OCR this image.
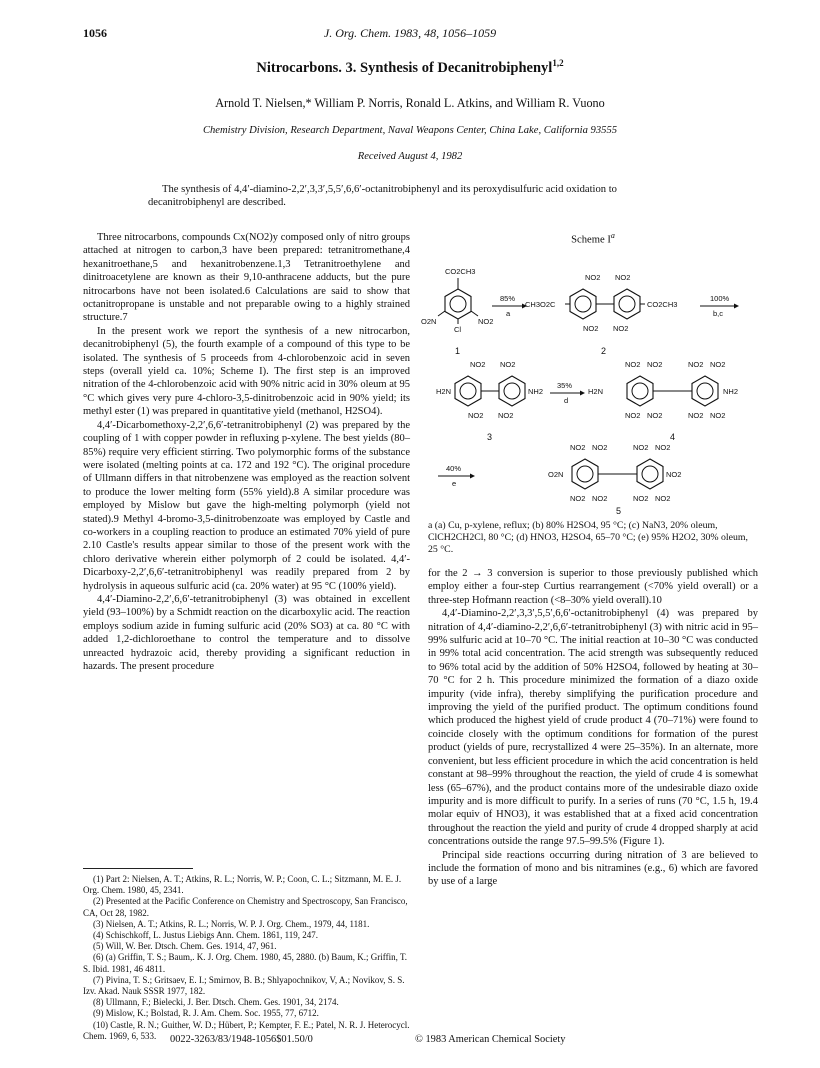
1056	J. Org. Chem. 1983, 48, 1056–1059
Nitrocarbons. 3. Synthesis of Decanitrobiphenyl$^{1,2}$
Arnold T. Nielsen,* William P. Norris, Ronald L. Atkins, and William R. Vuono
Chemistry Division, Research Department, Naval Weapons Center, China Lake, California 93555
Received August 4, 1982
The synthesis of 4,4′-diamino-2,2′,3,3′,5,5′,6,6′-octanitrobiphenyl and its peroxydisulfuric acid oxidation to decanitrobiphenyl are described.

Three nitrocarbons, compounds Cx(NO2)y composed only of nitro groups attached at nitrogen to carbon,3 have been prepared: tetranitromethane,4 hexanitroethane,5 and hexanitrobenzene.1,3 Tetranitroethylene and dinitroacetylene are known as their 9,10-anthracene adducts, but the pure nitrocarbons have not been isolated.6 Calculations are said to show that octanitropropane is unstable and not preparable owing to a highly strained structure.7

In the present work we report the synthesis of a new nitrocarbon, decanitrobiphenyl (5), the fourth example of a compound of this type to be isolated. The synthesis of 5 proceeds from 4-chlorobenzoic acid in seven steps (overall yield ca. 10%; Scheme I). The first step is an improved nitration of the 4-chlorobenzoic acid with 90% nitric acid in 30% oleum at 95 °C which gives very pure 4-chloro-3,5-dinitrobenzoic acid in 90% yield; its methyl ester (1) was prepared in quantitative yield (methanol, H2SO4).

4,4′-Dicarbomethoxy-2,2′,6,6′-tetranitrobiphenyl (2) was prepared by the coupling of 1 with copper powder in refluxing p-xylene. The best yields (80–85%) require very efficient stirring. Two polymorphic forms of the substance were isolated (melting points at ca. 172 and 192 °C). The original procedure of Ullmann differs in that nitrobenzene was employed as the reaction solvent to produce the lower melting form (55% yield).8 A similar procedure was employed by Mislow but gave the high-melting polymorph (yield not stated).9 Methyl 4-bromo-3,5-dinitrobenzoate was employed by Castle and co-workers in a coupling reaction to produce an estimated 70% yield of pure 2.10 Castle's results appear similar to those of the present work with the chloro derivative wherein either polymorph of 2 could be isolated. 4,4′-Dicarboxy-2,2′,6,6′-tetranitrobiphenyl was readily prepared from 2 by hydrolysis in aqueous sulfuric acid (ca. 20% water) at 95 °C (100% yield).

4,4′-Diamino-2,2′,6,6′-tetranitrobiphenyl (3) was obtained in excellent yield (93–100%) by a Schmidt reaction on the dicarboxylic acid. The reaction employs sodium azide in fuming sulfuric acid (20% SO3) at ca. 80 °C with added 1,2-dichloroethane to control the temperature and to dissolve unreacted hydrazoic acid, thereby providing a significant reduction in hazards. The present procedure

(1) Part 2: Nielsen, A. T.; Atkins, R. L.; Norris, W. P.; Coon, C. L.; Sitzmann, M. E. J. Org. Chem. 1980, 45, 2341.
(2) Presented at the Pacific Conference on Chemistry and Spectroscopy, San Francisco, CA, Oct 28, 1982.
(3) Nielsen, A. T.; Atkins, R. L.; Norris, W. P. J. Org. Chem., 1979, 44, 1181.
(4) Schischkoff, L. Justus Liebigs Ann. Chem. 1861, 119, 247.
(5) Will, W. Ber. Dtsch. Chem. Ges. 1914, 47, 961.
(6) (a) Griffin, T. S.; Baum,. K. J. Org. Chem. 1980, 45, 2880. (b) Baum, K.; Griffin, T. S. Ibid. 1981, 46 4811.
(7) Pivina, T. S.; Gritsaev, E. I.; Smirnov, B. B.; Shlyapochnikov, V, A.; Novikov, S. S. Izv. Akad. Nauk SSSR 1977, 182.
(8) Ullmann, F.; Bielecki, J. Ber. Dtsch. Chem. Ges. 1901, 34, 2174.
(9) Mislow, K.; Bolstad, R. J. Am. Chem. Soc. 1955, 77, 6712.
(10) Castle, R. N.; Guither, W. D.; Hübert, P.; Kempter, F. E.; Patel, N. R. J. Heterocycl. Chem. 1969, 6, 533.
Scheme $I^a$
CO2CH3
NO2
O2N
Cl
1
85%
a
CH3O2C	CO2CH3
NO2 NO2
NO2 NO2
2
100%
b,c
H2N	NH2
NO2 NO2
NO2 NO2
3
35%
d
H2N	NH2
NO2 NO2	NO2 NO2
NO2 NO2	NO2 NO2
4
40%
e
O2N	NO2
NO2 NO2	NO2 NO2
NO2 NO2	NO2 NO2
5
a (a) Cu, p-xylene, reflux; (b) 80% H2SO4, 95 °C; (c) NaN3, 20% oleum, ClCH2CH2Cl, 80 °C; (d) HNO3, H2SO4, 65–70 °C; (e) 95% H2O2, 30% oleum, 25 °C.

for the 2 → 3 conversion is superior to those previously published which employ either a four-step Curtius rearrangement (<70% yield overall) or a three-step Hofmann reaction (<8–30% yield overall).10

4,4′-Diamino-2,2′,3,3′,5,5′,6,6′-octanitrobiphenyl (4) was prepared by nitration of 4,4′-diamino-2,2′,6,6′-tetranitrobiphenyl (3) with nitric acid in 95–99% sulfuric acid at 10–70 °C. The initial reaction at 10–30 °C was conducted in 99% total acid concentration. The acid strength was subsequently reduced to 96% total acid by the addition of 50% H2SO4, followed by heating at 30–70 °C for 2 h. This procedure minimized the formation of a diazo oxide impurity (vide infra), thereby simplifying the purification procedure and improving the yield of the purified product. The optimum conditions found which produced the highest yield of crude product 4 (70–71%) were found to coincide closely with the optimum conditions for formation of the purest product (yields of pure, recrystallized 4 were 25–35%). In an alternate, more convenient, but less efficient procedure in which the acid concentration is held constant at 98–99% throughout the reaction, the yield of crude 4 is somewhat less (65–67%), and the product contains more of the undesirable diazo oxide impurity and is more difficult to purify. In a series of runs (70 °C, 1.5 h, 19.4 molar equiv of HNO3), it was established that at a fixed acid concentration throughout the reaction the yield and purity of crude 4 dropped sharply at acid concentrations outside the range 97.5–99.5% (Figure 1).

Principal side reactions occurring during nitration of 3 are believed to include the formation of mono and bis nitramines (e.g., 6) which are favored by use of a large

0022-3263/83/1948-1056$01.50/0	© 1983 American Chemical Society
